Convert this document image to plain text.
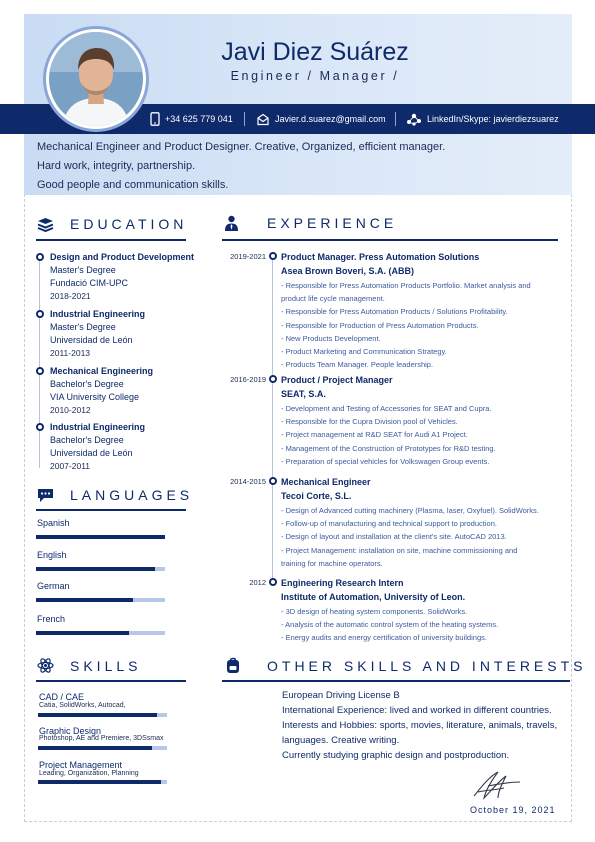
Javi Diez Suárez
Engineer / Manager /
+34 625 779 041	Javier.d.suarez@gmail.com	LinkedIn/Skype: javierdiezsuarez
Mechanical Engineer and Product Designer. Creative, Organized, efficient manager.
Hard work, integrity, partnership.
Good people and communication skills.
EDUCATION
Design and Product Development
Master's Degree
Fundació CIM-UPC
2018-2021
Industrial Engineering
Master's Degree
Universidad de León
2011-2013
Mechanical Engineering
Bachelor's Degree
VIA University College
2010-2012
Industrial Engineering
Bachelor's Degree
Universidad de León
2007-2011
LANGUAGES
Spanish
English
German
French
SKILLS
CAD / CAE
Catia, SolidWorks, Autocad,
Graphic Design
Photoshop, AE and Premiere, 3DSsmax
Project Management
Leading, Organization, Planning
EXPERIENCE
2019-2021 Product Manager. Press Automation Solutions
Asea Brown Boveri, S.A. (ABB)
- Responsible for Press Automation Products Portfolio. Market analysis and
product life cycle management.
- Responsible for Press Automation Products / Solutions Profitability.
- Responsible for Production of Press Automation Products.
- New Products Development.
- Product Marketing and Communication Strategy.
- Products Team Manager. People leadership.
2016-2019 Product / Project Manager
SEAT, S.A.
- Development and Testing of Accessories for SEAT and Cupra.
- Responsible for the Cupra Division pool of Vehicles.
- Project management at R&D SEAT for Audi A1 Project.
- Management of the Construction of Prototypes for R&D testing.
- Preparation of special vehicles for Volkswagen Group events.
2014-2015 Mechanical Engineer
Tecoi Corte, S.L.
- Design of Advanced cutting machinery (Plasma, laser, Oxyfuel). SolidWorks.
- Follow-up of manufacturing and technical support to production.
- Design of layout and installation at the client's site. AutoCAD 2013.
- Project Management: installation on site, machine commissioning and
training for machine operators.
2012 Engineering Research Intern
Institute of Automation, University of Leon.
- 3D design of heating system components. SolidWorks.
- Analysis of the automatic control system of the heating systems.
- Energy audits and energy certification of university buildings.
OTHER SKILLS AND INTERESTS
European Driving License B
International Experience: lived and worked in different countries.
Interests and Hobbies: sports, movies, literature, animals, travels,
languages. Creative writing.
Currently studying graphic design and postproduction.
October 19, 2021
